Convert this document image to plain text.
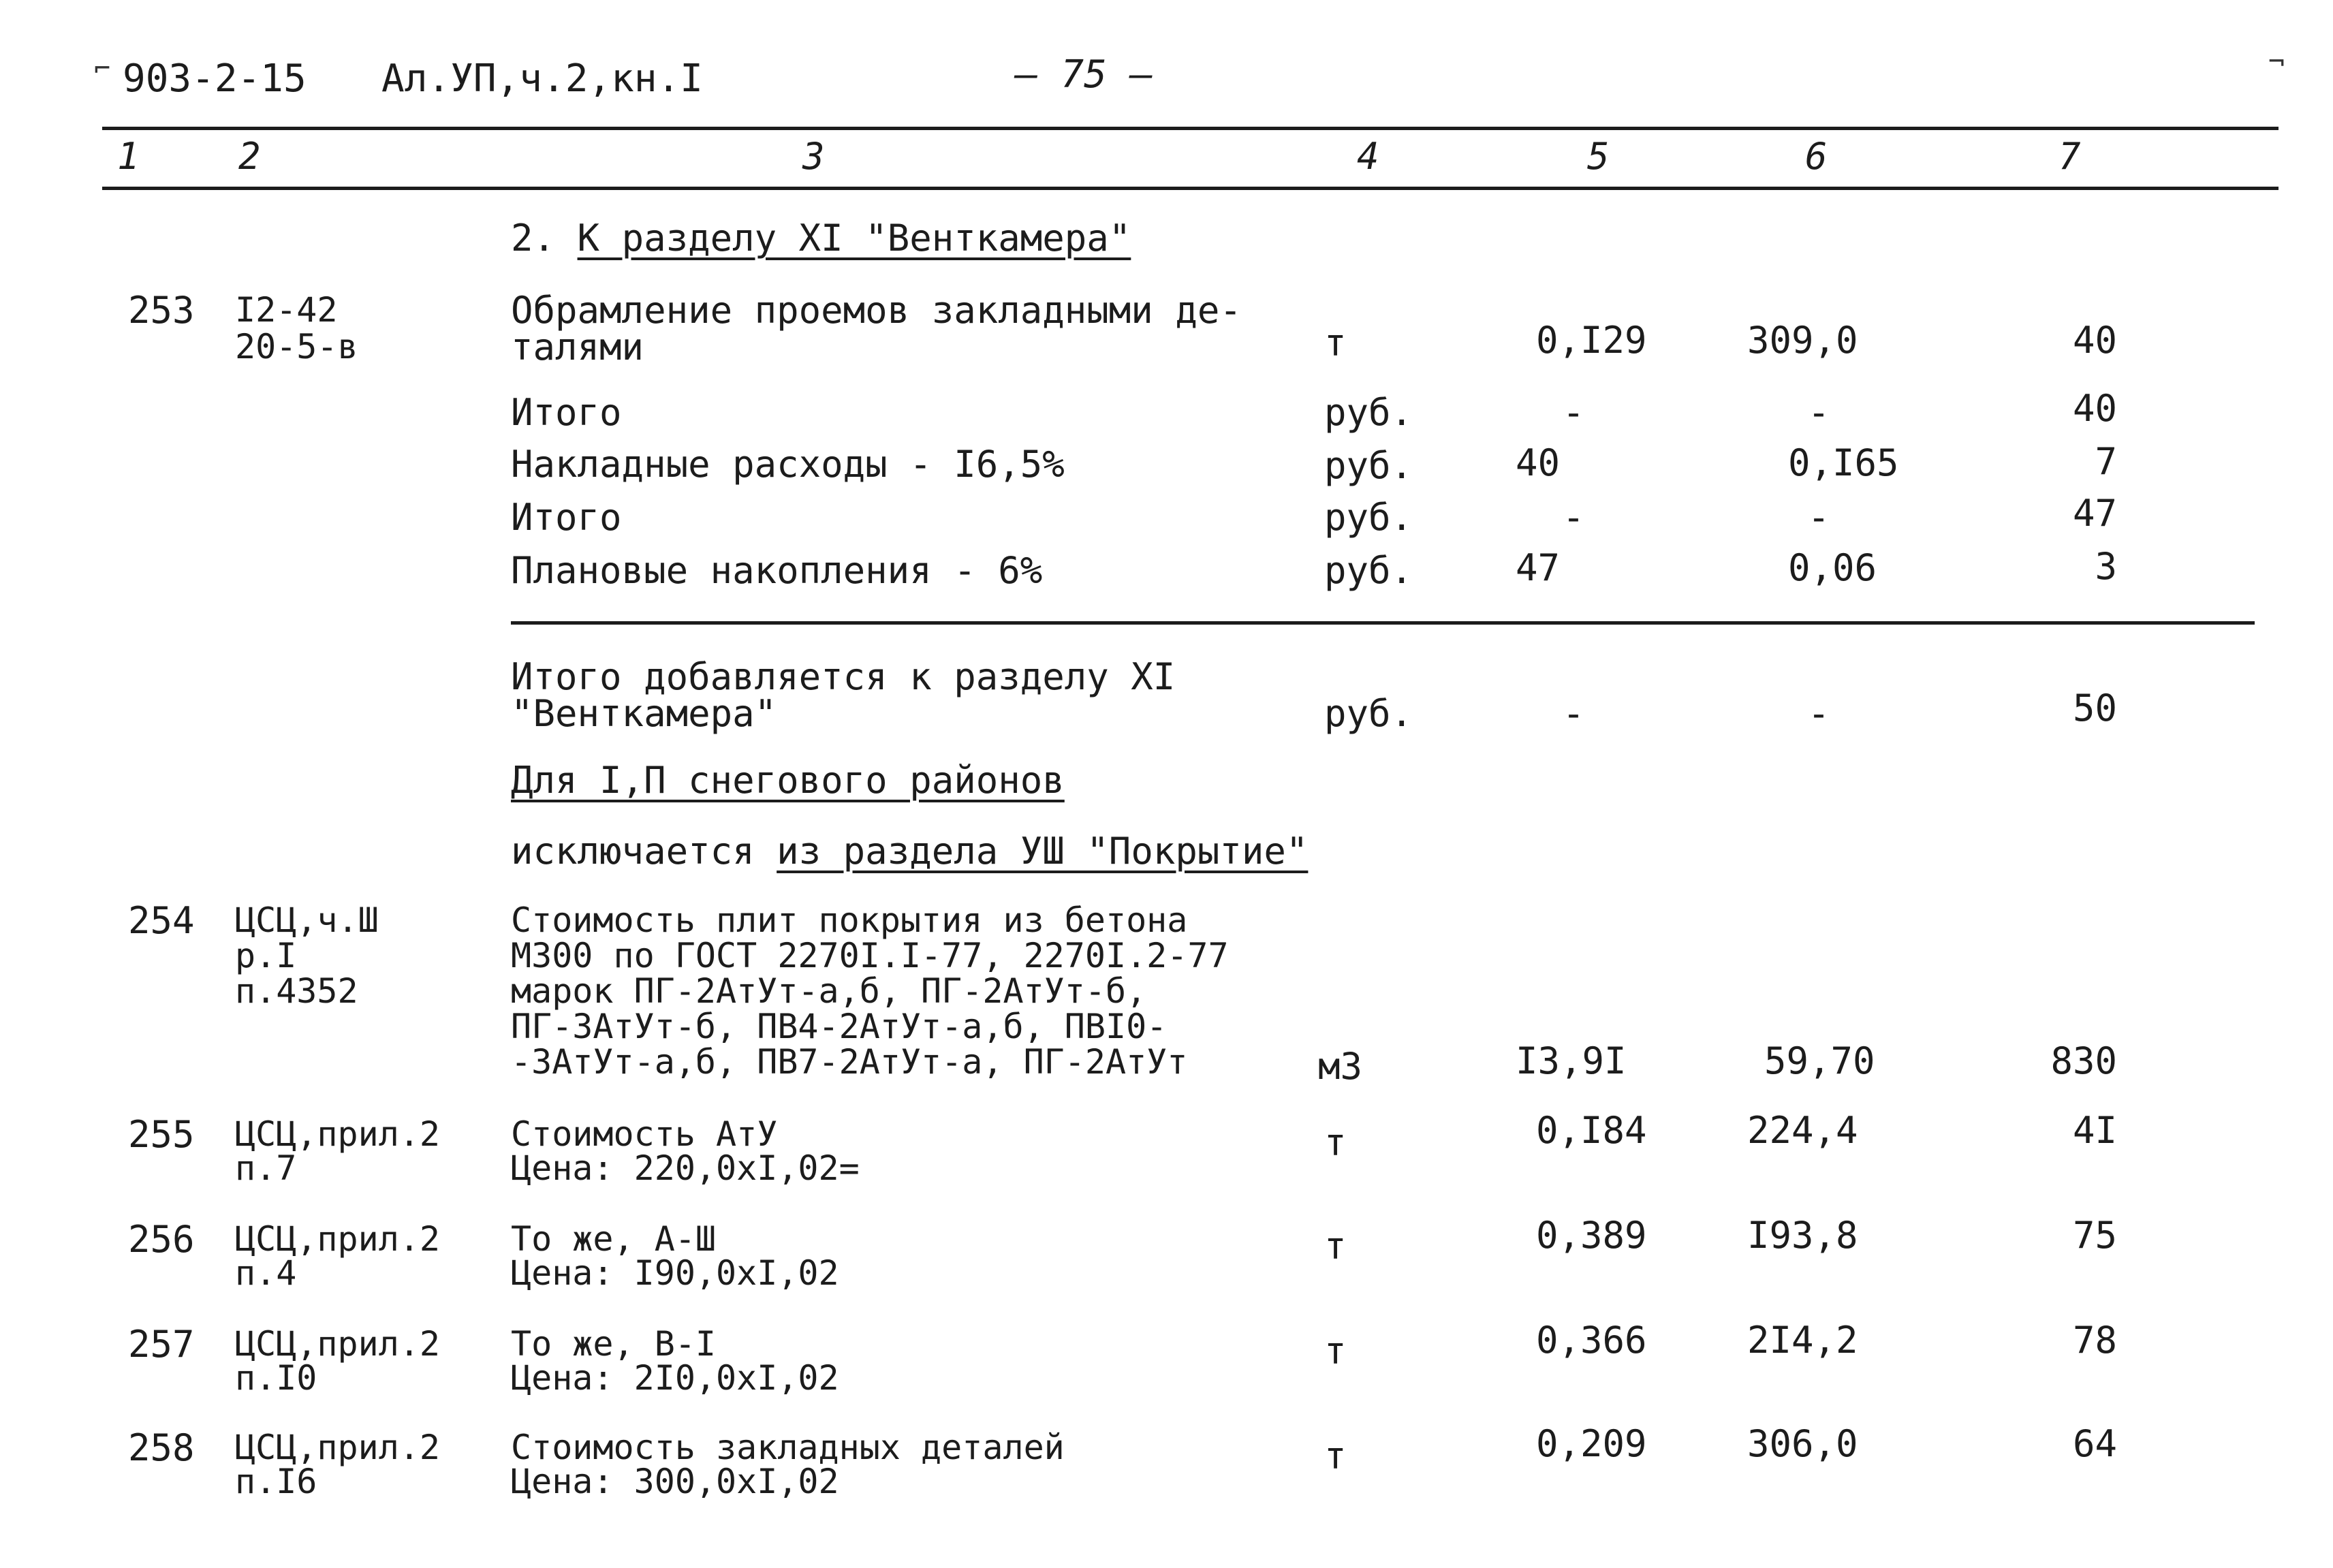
⌐	¬
903-2-15 Ал.УП,ч.2,кн.I	— 75 —
1	2	3	4	5	6	7
2. К разделу XI "Венткамера"
253 I2-42
20-5-в
Обрамление проемов закладными де-
талями	т	0,I29	309,0	40
Итого	руб.	-	-	40
Накладные расходы - I6,5%	руб.	40	0,I65	7
Итого	руб.	-	-	47
Плановые накопления - 6%	руб.	47	0,06	3
Итого добавляется к разделу XI
"Венткамера"	руб.	-	-	50
Для I,П снегового районов
исключается из раздела УШ "Покрытие"
254 ЦСЦ,ч.Ш
р.I
п.4352
Стоимость плит покрытия из бетона
М300 по ГОСТ 2270I.I-77, 2270I.2-77
марок ПГ-2АтУт-а,б, ПГ-2АтУт-б,
ПГ-3АтУт-б, ПВ4-2АтУт-а,б, ПВI0-
-3АтУт-а,б, ПВ7-2АтУт-а, ПГ-2АтУт	м3	I3,9I	59,70	830
255 ЦСЦ,прил.2
п.7
Стоимость АтУ
Цена: 220,0хI,02=
т	0,I84	224,4	4I
256 ЦСЦ,прил.2
п.4
То же, А-Ш
Цена: I90,0хI,02
т	0,389	I93,8	75
257 ЦСЦ,прил.2
п.I0
То же, В-I
Цена: 2I0,0хI,02
т	0,366	2I4,2	78
258 ЦСЦ,прил.2
п.I6
Стоимость закладных деталей
Цена: 300,0хI,02
т	0,209	306,0	64
